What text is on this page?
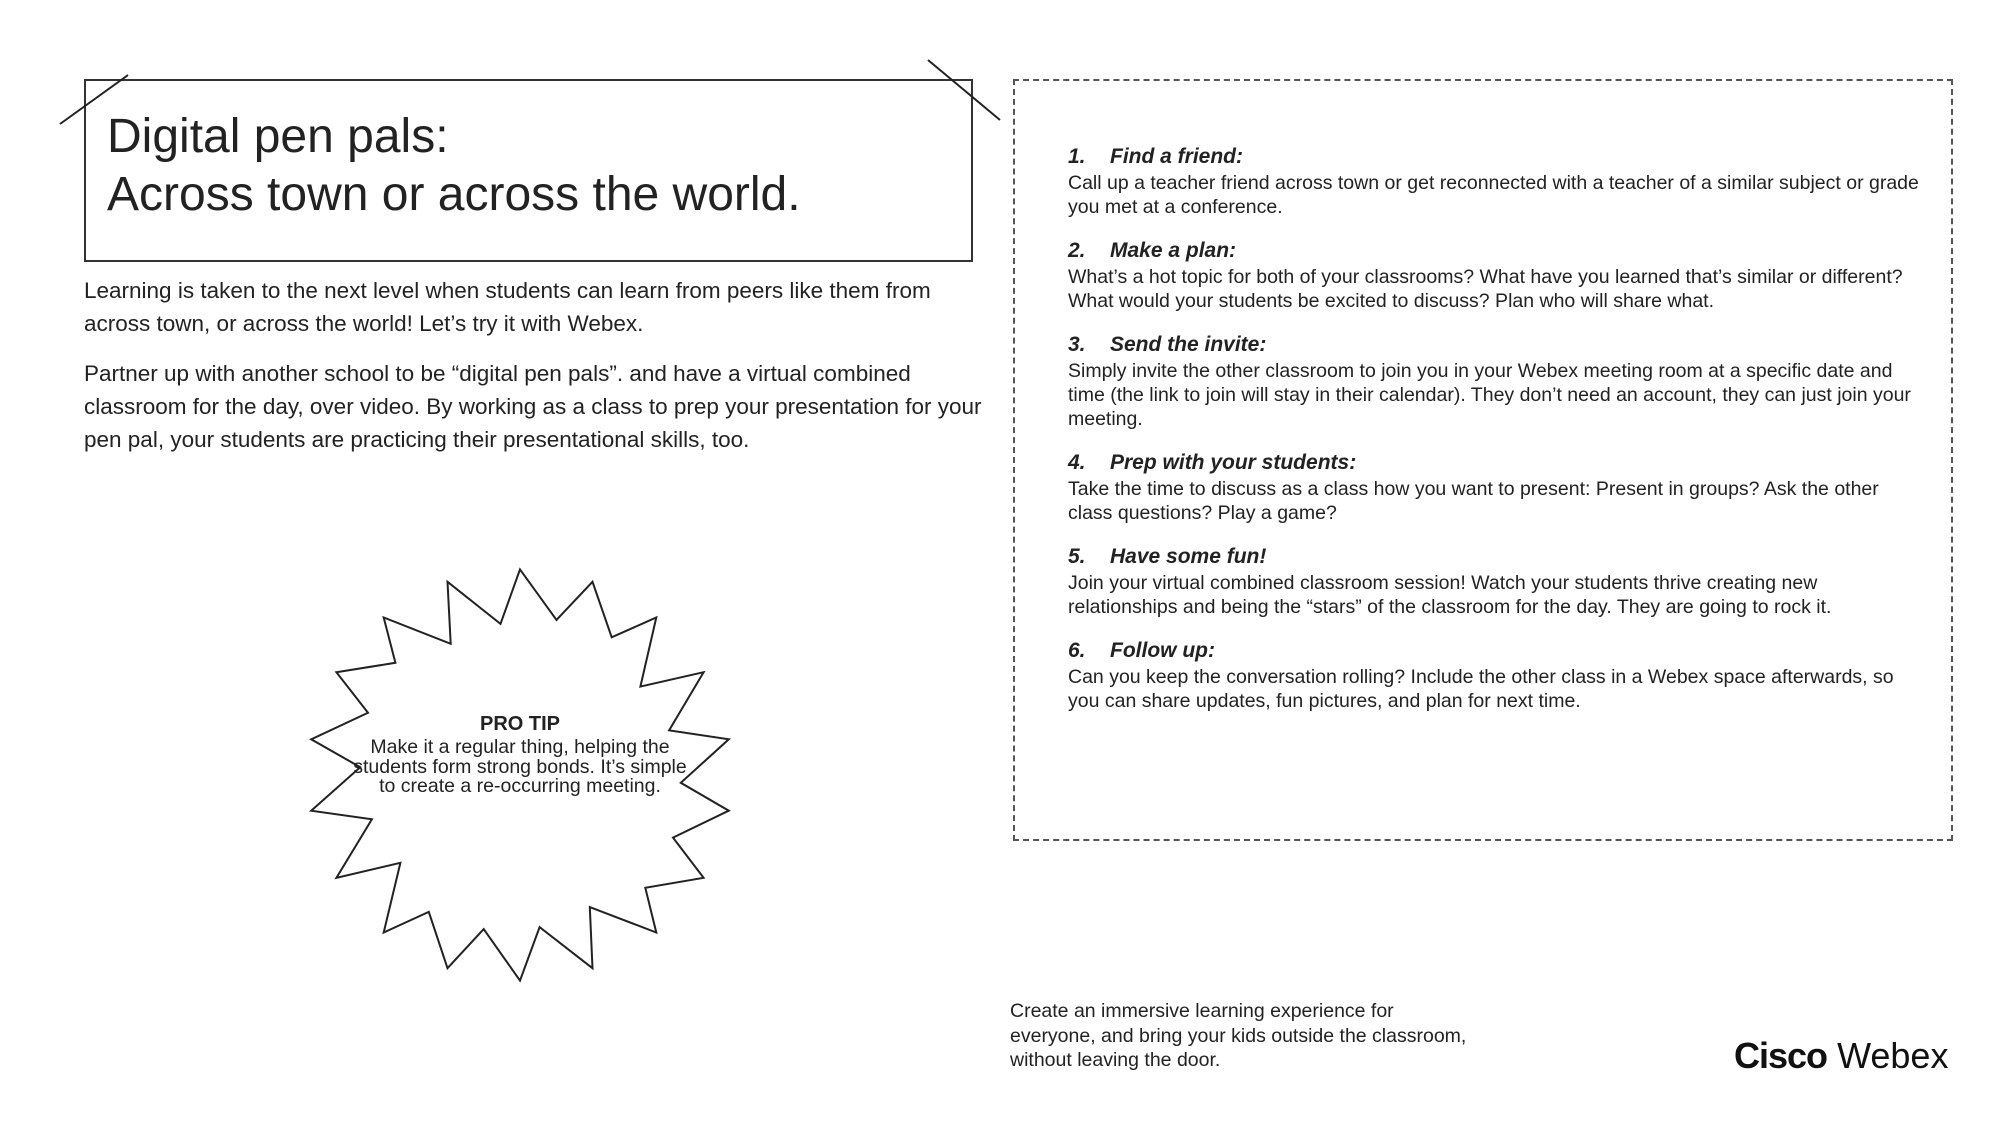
Digital pen pals:
Across town or across the world.

Learning is taken to the next level when students can learn from peers like them from across town, or across the world! Let’s try it with Webex.

Partner up with another school to be “digital pen pals”. and have a virtual combined classroom for the day, over video. By working as a class to prep your presentation for your pen pal, your students are practicing their presentational skills, too.

PRO TIP
Make it a regular thing, helping the students form strong bonds. It’s simple to create a re-occurring meeting.
1. Find a friend:
Call up a teacher friend across town or get reconnected with a teacher of a similar subject or grade you met at a conference.
2. Make a plan:
What’s a hot topic for both of your classrooms? What have you learned that’s similar or different? What would your students be excited to discuss? Plan who will share what.
3. Send the invite:
Simply invite the other classroom to join you in your Webex meeting room at a specific date and time (the link to join will stay in their calendar). They don’t need an account, they can just join your meeting.
4. Prep with your students:
Take the time to discuss as a class how you want to present: Present in groups? Ask the other class questions? Play a game?
5. Have some fun!
Join your virtual combined classroom session! Watch your students thrive creating new relationships and being the “stars” of the classroom for the day. They are going to rock it.
6. Follow up:
Can you keep the conversation rolling? Include the other class in a Webex space afterwards, so you can share updates, fun pictures, and plan for next time.
Create an immersive learning experience for everyone, and bring your kids outside the classroom, without leaving the door.	Cisco Webex
